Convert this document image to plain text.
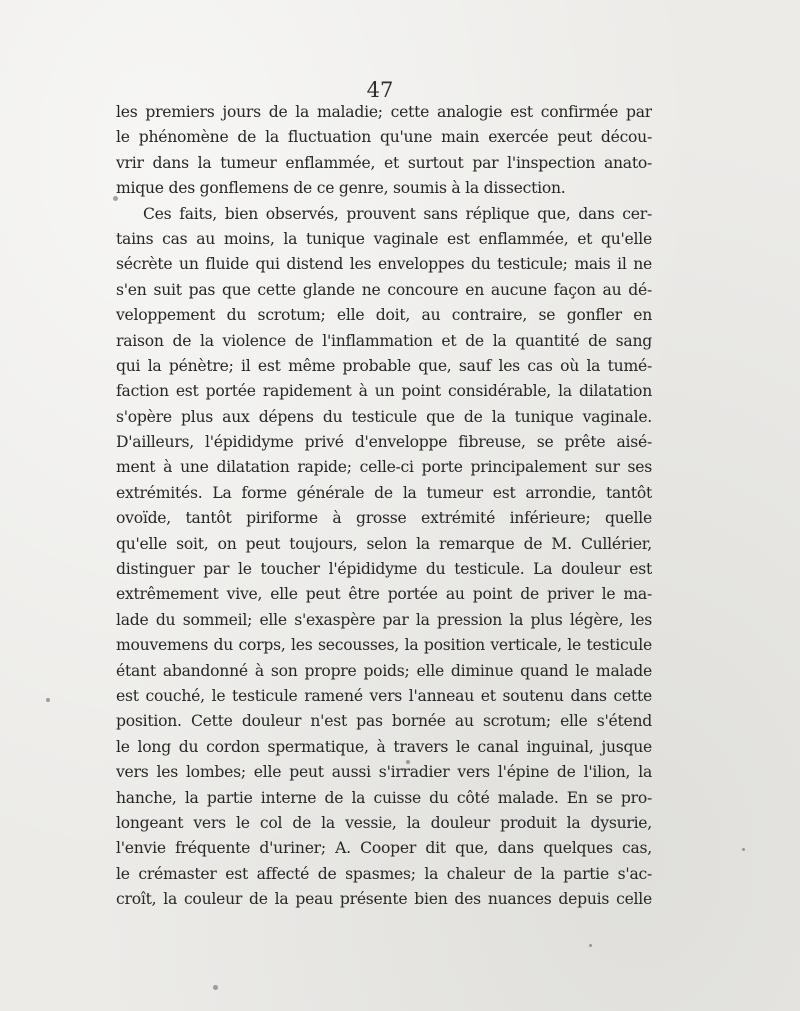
47
les premiers jours de la maladie; cette analogie est confirmée par
le phénomène de la fluctuation qu'une main exercée peut décou-
vrir dans la tumeur enflammée, et surtout par l'inspection anato-
mique des gonflemens de ce genre, soumis à la dissection.
Ces faits, bien observés, prouvent sans réplique que, dans cer-
tains cas au moins, la tunique vaginale est enflammée, et qu'elle
sécrète un fluide qui distend les enveloppes du testicule; mais il ne
s'en suit pas que cette glande ne concoure en aucune façon au dé-
veloppement du scrotum; elle doit, au contraire, se gonfler en
raison de la violence de l'inflammation et de la quantité de sang
qui la pénètre; il est même probable que, sauf les cas où la tumé-
faction est portée rapidement à un point considérable, la dilatation
s'opère plus aux dépens du testicule que de la tunique vaginale.
D'ailleurs, l'épididyme privé d'enveloppe fibreuse, se prête aisé-
ment à une dilatation rapide; celle-ci porte principalement sur ses
extrémités. La forme générale de la tumeur est arrondie, tantôt
ovoïde, tantôt piriforme à grosse extrémité inférieure; quelle
qu'elle soit, on peut toujours, selon la remarque de M. Cullérier,
distinguer par le toucher l'épididyme du testicule. La douleur est
extrêmement vive, elle peut être portée au point de priver le ma-
lade du sommeil; elle s'exaspère par la pression la plus légère, les
mouvemens du corps, les secousses, la position verticale, le testicule
étant abandonné à son propre poids; elle diminue quand le malade
est couché, le testicule ramené vers l'anneau et soutenu dans cette
position. Cette douleur n'est pas bornée au scrotum; elle s'étend
le long du cordon spermatique, à travers le canal inguinal, jusque
vers les lombes; elle peut aussi s'irradier vers l'épine de l'ilion, la
hanche, la partie interne de la cuisse du côté malade. En se pro-
longeant vers le col de la vessie, la douleur produit la dysurie,
l'envie fréquente d'uriner; A. Cooper dit que, dans quelques cas,
le crémaster est affecté de spasmes; la chaleur de la partie s'ac-
croît, la couleur de la peau présente bien des nuances depuis celle
